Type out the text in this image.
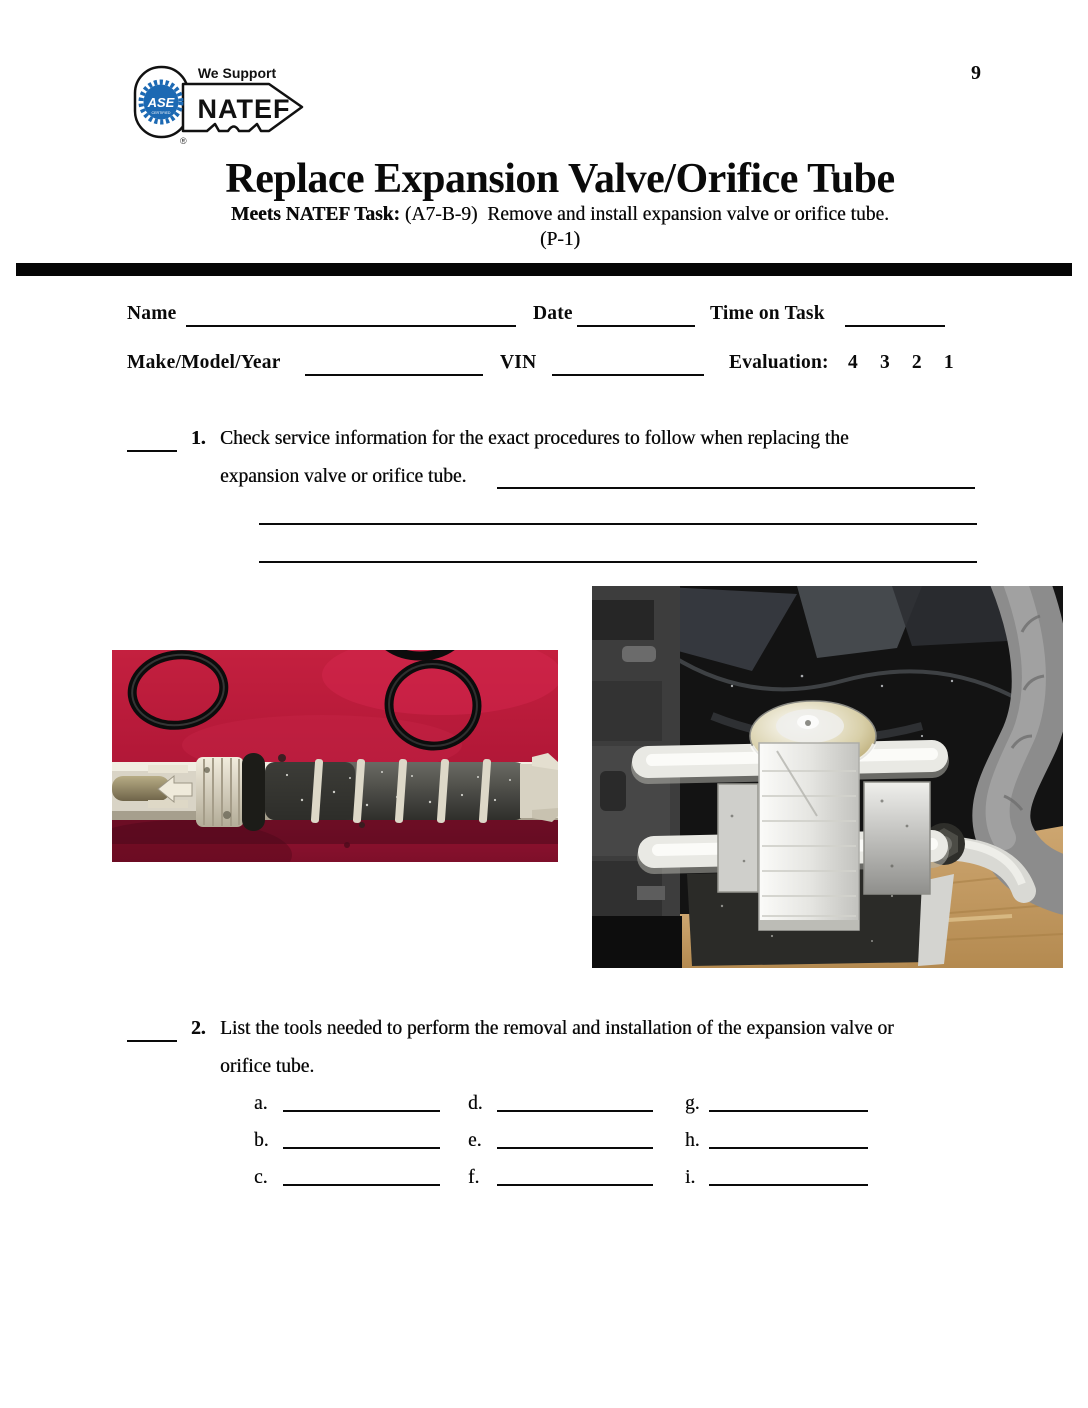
9
We Support
NATEF
ASE
CERTIFIED
®
Replace Expansion Valve/Orifice Tube
Meets NATEF Task: (A7-B-9) Remove and install expansion valve or orifice tube.
(P-1)
Name	Date	Time on Task
Make/Model/Year	VIN	Evaluation: 4 3 2 1
1. Check service information for the exact procedures to follow when replacing the
expansion valve or orifice tube.
2. List the tools needed to perform the removal and installation of the expansion valve or
orifice tube.
a.	d.	g.
b.	e.	h.
c.	f.	i.
